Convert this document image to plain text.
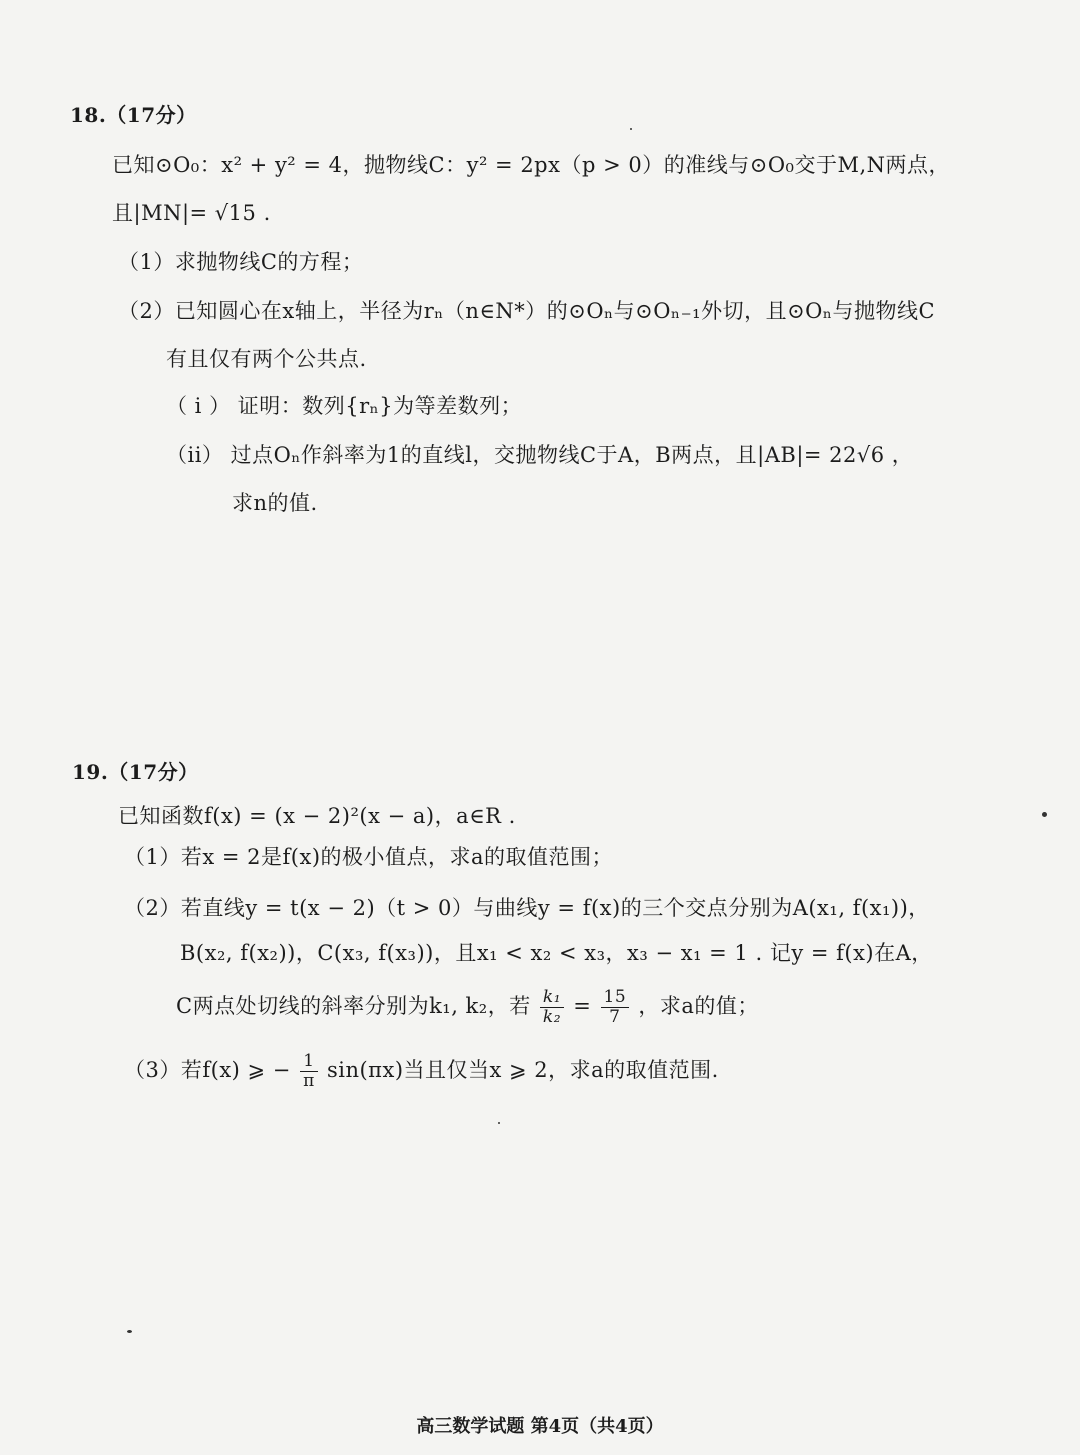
18.（17分）
已知⊙O₀：x² + y² = 4，抛物线C：y² = 2px（p > 0）的准线与⊙O₀交于M,N两点，
且|MN|= √15 .
（1）求抛物线C的方程；
（2）已知圆心在x轴上，半径为rₙ（n∈N*）的⊙Oₙ与⊙Oₙ₋₁外切，且⊙Oₙ与抛物线C
有且仅有两个公共点.
（ i ） 证明：数列{rₙ}为等差数列；
（ii） 过点Oₙ作斜率为1的直线l，交抛物线C于A，B两点，且|AB|= 22√6 ，
求n的值.
19.（17分）
已知函数f(x) = (x − 2)²(x − a)，a∈R .
（1）若x = 2是f(x)的极小值点，求a的取值范围；
（2）若直线y = t(x − 2)（t > 0）与曲线y = f(x)的三个交点分别为A(x₁, f(x₁))，
B(x₂, f(x₂))，C(x₃, f(x₃))，且x₁ < x₂ < x₃，x₃ − x₁ = 1 . 记y = f(x)在A，
C两点处切线的斜率分别为k₁, k₂，若 $\frac{\text{k₁}}{\text{k₂}} = \frac{15}{7}$ ，求a的值；
（3）若f(x) ⩾ − $\frac{1}{\pi} \sin(\pi x)$当且仅当x ⩾ 2，求a的取值范围.
高三数学试题 第4页（共4页）
